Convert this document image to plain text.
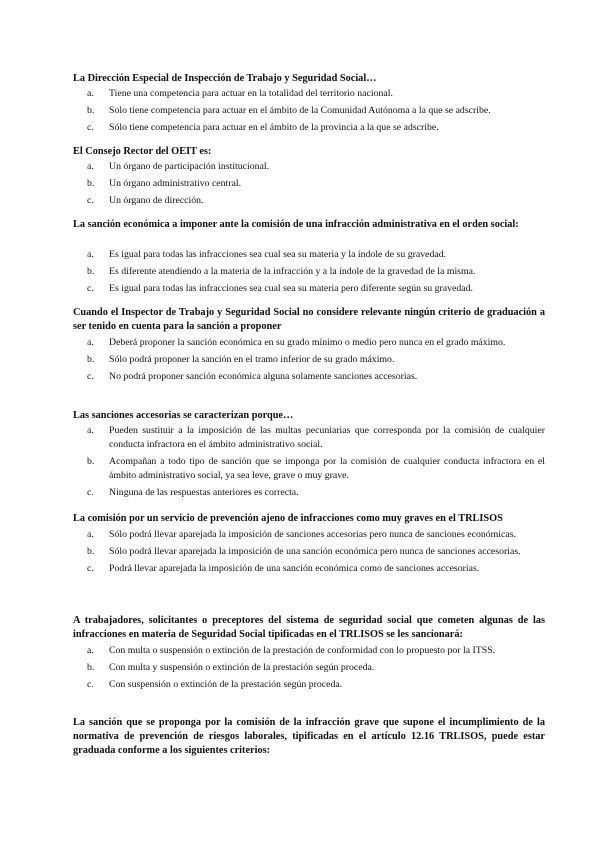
La Dirección Especial de Inspección de Trabajo y Seguridad Social…

a. Tiene una competencia para actuar en la totalidad del territorio nacional.
b. Solo tiene competencia para actuar en el ámbito de la Comunidad Autónoma a la que se adscribe.
c. Sólo tiene competencia para actuar en el ámbito de la provincia a la que se adscribe.

El Consejo Rector del OEIT es:

a. Un órgano de participación institucional.
b. Un órgano administrativo central.
c. Un órgano de dirección.

La sanción económica a imponer ante la comisión de una infracción administrativa en el orden social:

a. Es igual para todas las infracciones sea cual sea su materia y la índole de su gravedad.
b. Es diferente atendiendo a la materia de la infracción y a la índole de la gravedad de la misma.
c. Es igual para todas las infracciones sea cual sea su materia pero diferente según su gravedad.

Cuando el Inspector de Trabajo y Seguridad Social no considere relevante ningún criterio de graduación a ser tenido en cuenta para la sanción a proponer

a. Deberá proponer la sanción económica en su grado mínimo o medio pero nunca en el grado máximo.
b. Sólo podrá proponer la sanción en el tramo inferior de su grado máximo.
c. No podrá proponer sanción económica alguna solamente sanciones accesorias.

Las sanciones accesorias se caracterizan porque…

a. Pueden sustituir a la imposición de las multas pecuniarias que corresponda por la comisión de cualquier conducta infractora en el ámbito administrativo social.
b. Acompañan a todo tipo de sanción que se imponga por la comisión de cualquier conducta infractora en el ámbito administrativo social, ya sea leve, grave o muy grave.
c. Ninguna de las respuestas anteriores es correcta.

La comisión por un servicio de prevención ajeno de infracciones como muy graves en el TRLISOS

a. Sólo podrá llevar aparejada la imposición de sanciones accesorias pero nunca de sanciones económicas.
b. Sólo podrá llevar aparejada la imposición de una sanción económica pero nunca de sanciones accesorias.
c. Podrá llevar aparejada la imposición de una sanción económica como de sanciones accesorias.

A trabajadores, solicitantes o preceptores del sistema de seguridad social que cometen algunas de las infracciones en materia de Seguridad Social tipificadas en el TRLISOS se les sancionará:

a. Con multa o suspensión o extinción de la prestación de conformidad con lo propuesto por la ITSS.
b. Con multa y suspensión o extinción de la prestación según proceda.
c. Con suspensión o extinción de la prestación según proceda.

La sanción que se proponga por la comisión de la infracción grave que supone el incumplimiento de la normativa de prevención de riesgos laborales, tipificadas en el artículo 12.16 TRLISOS, puede estar graduada conforme a los siguientes criterios:
